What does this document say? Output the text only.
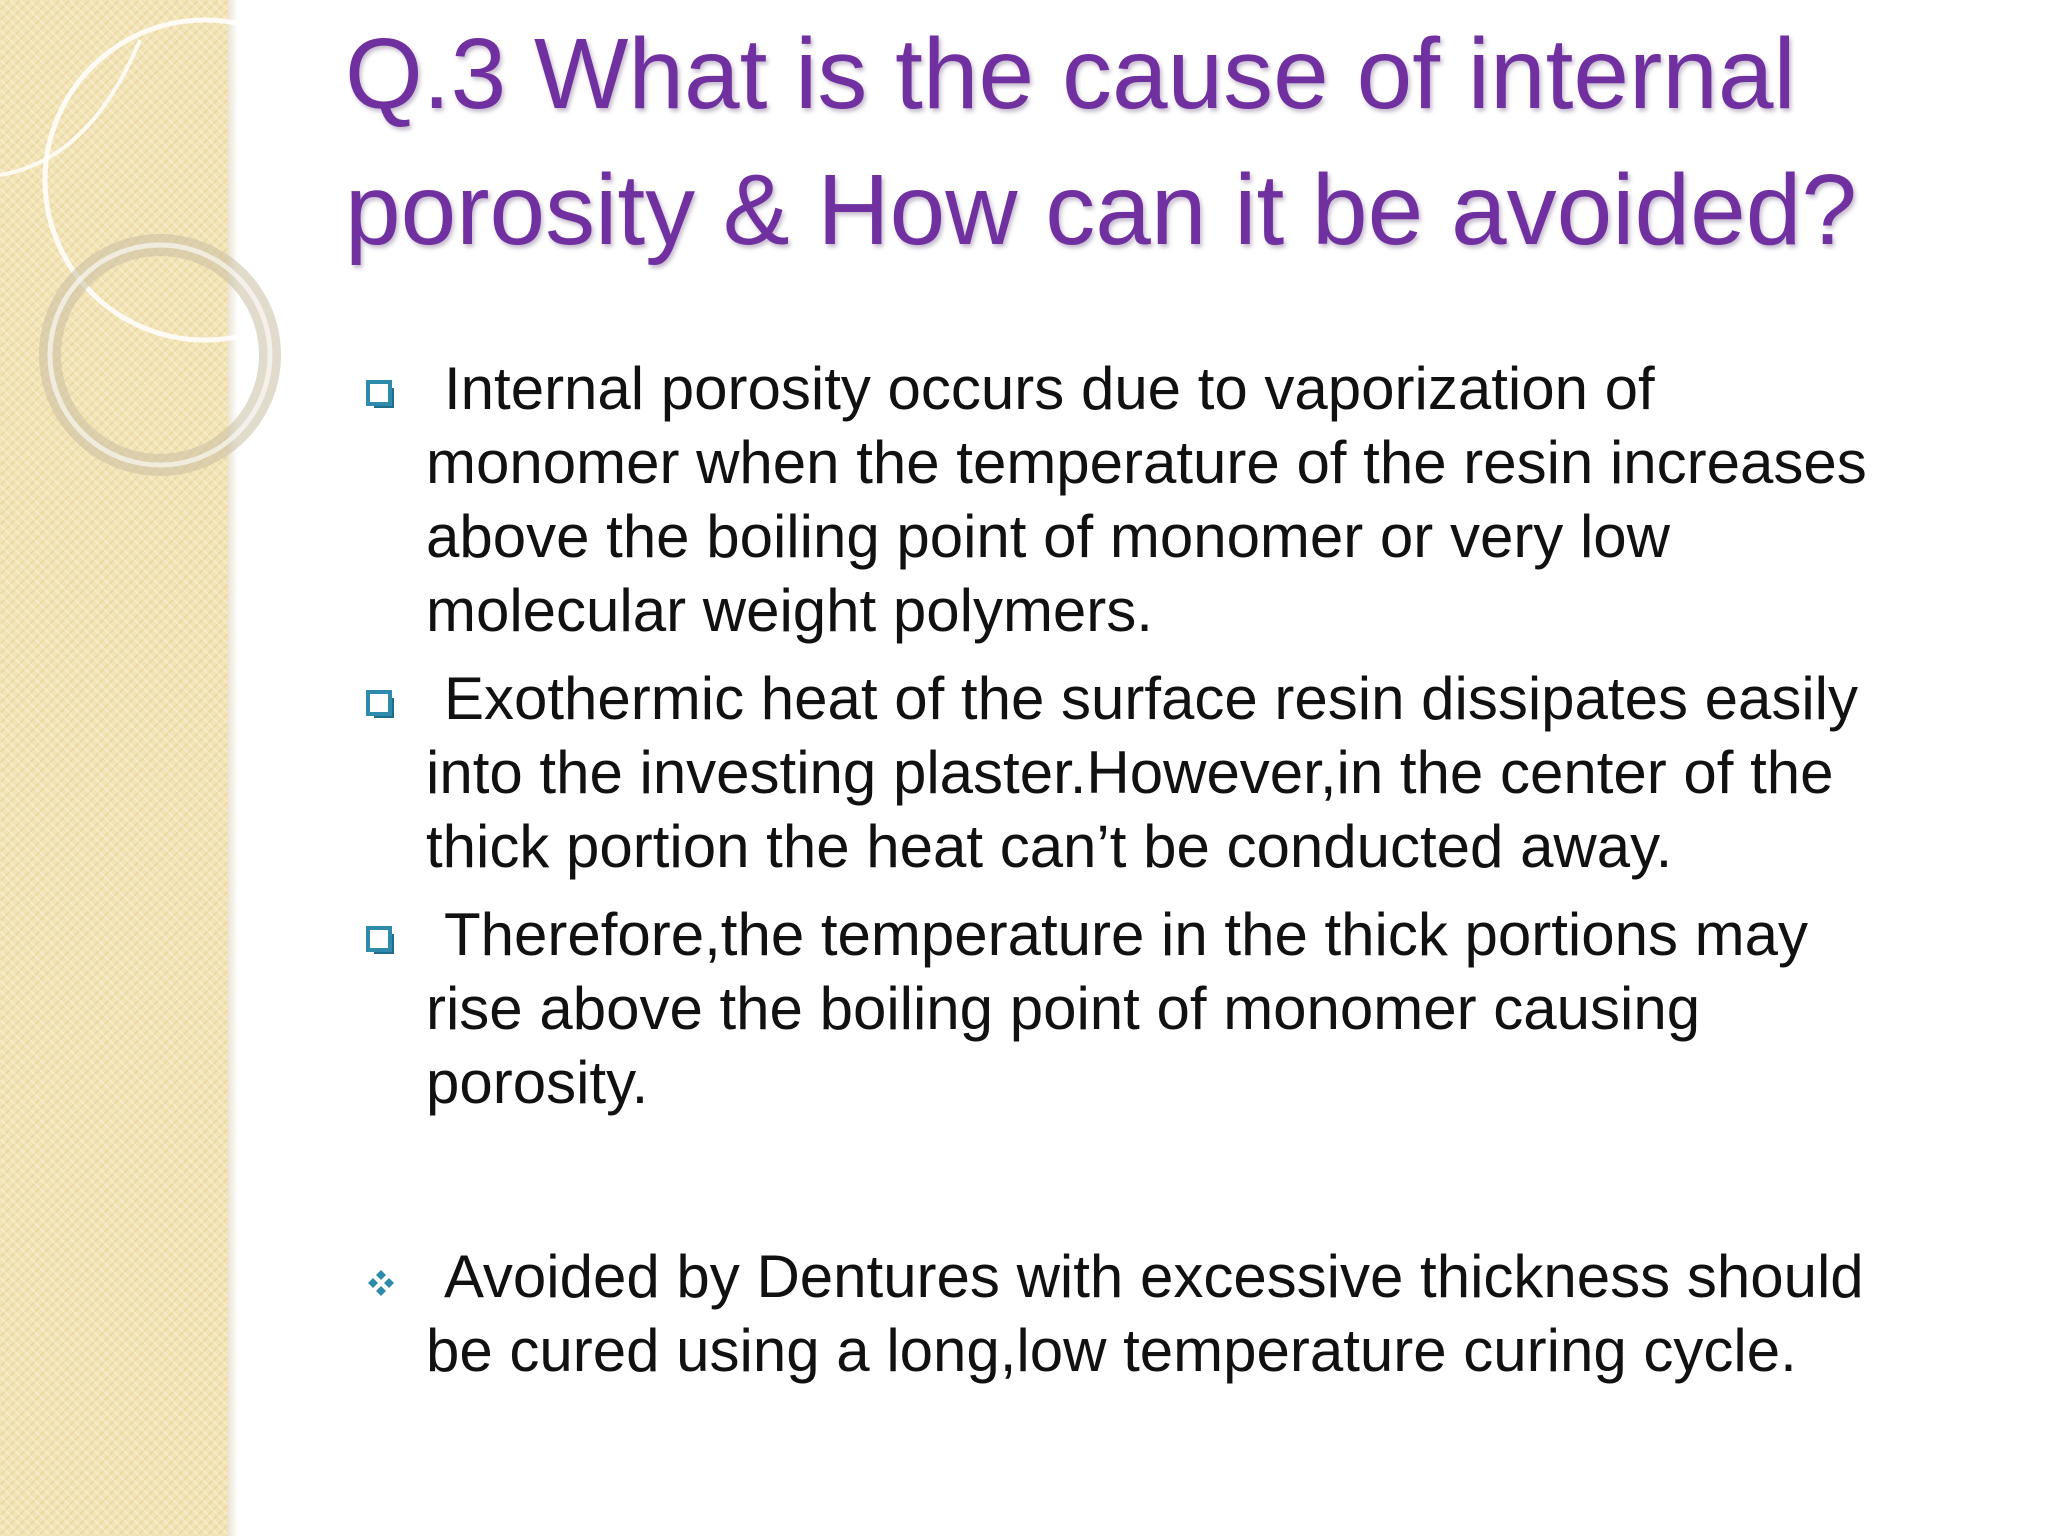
Q.3 What is the cause of internal porosity & How can it be avoided?
Internal porosity occurs due to vaporization of monomer when the temperature of the resin increases above the boiling point of monomer or very low molecular weight polymers.
Exothermic heat of the surface resin dissipates easily into the investing plaster.However,in the center of the thick portion the heat can’t be conducted away.
Therefore,the temperature in the thick portions may rise above the boiling point of monomer causing porosity.
Avoided by Dentures with excessive thickness should be cured using a long,low temperature curing cycle.
